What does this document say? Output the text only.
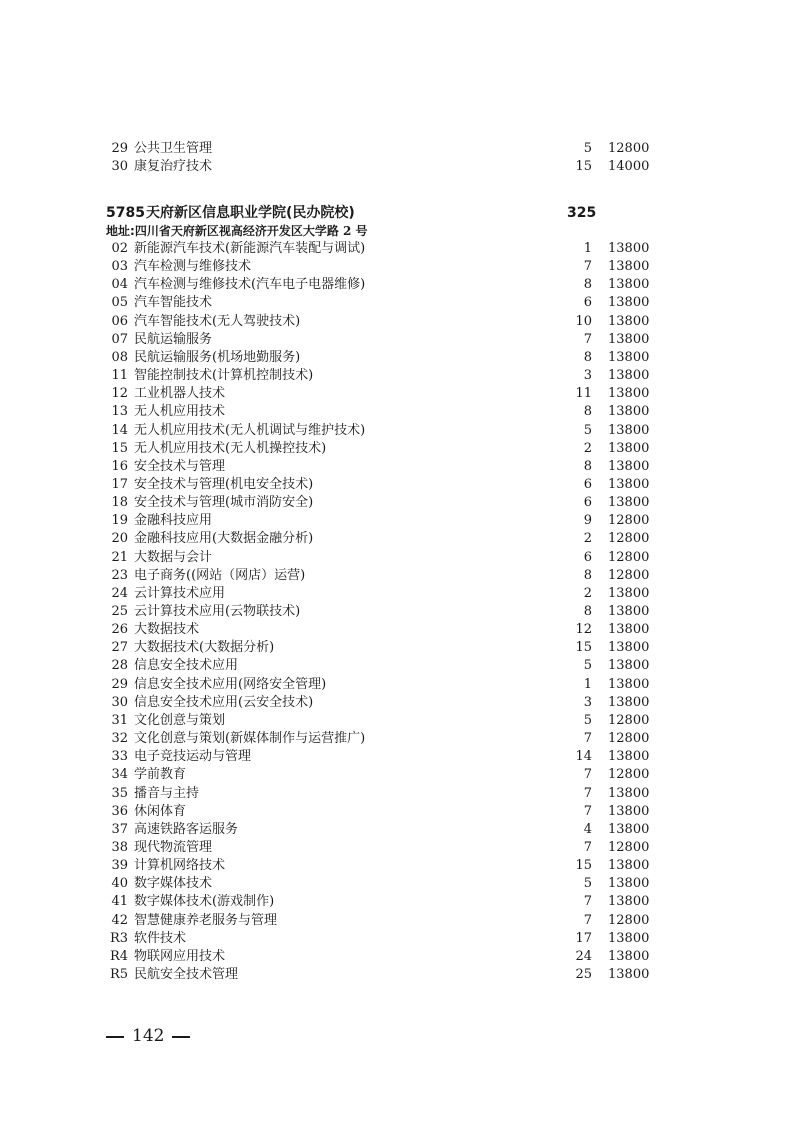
29 公共卫生管理	5 12800
30 康复治疗技术	15 14000
5785 天府新区信息职业学院(民办院校)	325
地址:四川省天府新区视高经济开发区大学路 2 号
02 新能源汽车技术(新能源汽车装配与调试)	1 13800
03 汽车检测与维修技术	7 13800
04 汽车检测与维修技术(汽车电子电器维修)	8 13800
05 汽车智能技术	6 13800
06 汽车智能技术(无人驾驶技术)	10 13800
07 民航运输服务	7 13800
08 民航运输服务(机场地勤服务)	8 13800
11 智能控制技术(计算机控制技术)	3 13800
12 工业机器人技术	11 13800
13 无人机应用技术	8 13800
14 无人机应用技术(无人机调试与维护技术)	5 13800
15 无人机应用技术(无人机操控技术)	2 13800
16 安全技术与管理	8 13800
17 安全技术与管理(机电安全技术)	6 13800
18 安全技术与管理(城市消防安全)	6 13800
19 金融科技应用	9 12800
20 金融科技应用(大数据金融分析)	2 12800
21 大数据与会计	6 12800
23 电子商务((网站（网店）运营)	8 12800
24 云计算技术应用	2 13800
25 云计算技术应用(云物联技术)	8 13800
26 大数据技术	12 13800
27 大数据技术(大数据分析)	15 13800
28 信息安全技术应用	5 13800
29 信息安全技术应用(网络安全管理)	1 13800
30 信息安全技术应用(云安全技术)	3 13800
31 文化创意与策划	5 12800
32 文化创意与策划(新媒体制作与运营推广)	7 12800
33 电子竞技运动与管理	14 13800
34 学前教育	7 12800
35 播音与主持	7 13800
36 休闲体育	7 13800
37 高速铁路客运服务	4 13800
38 现代物流管理	7 12800
39 计算机网络技术	15 13800
40 数字媒体技术	5 13800
41 数字媒体技术(游戏制作)	7 13800
42 智慧健康养老服务与管理	7 12800
R3 软件技术	17 13800
R4 物联网应用技术	24 13800
R5 民航安全技术管理	25 13800
142
